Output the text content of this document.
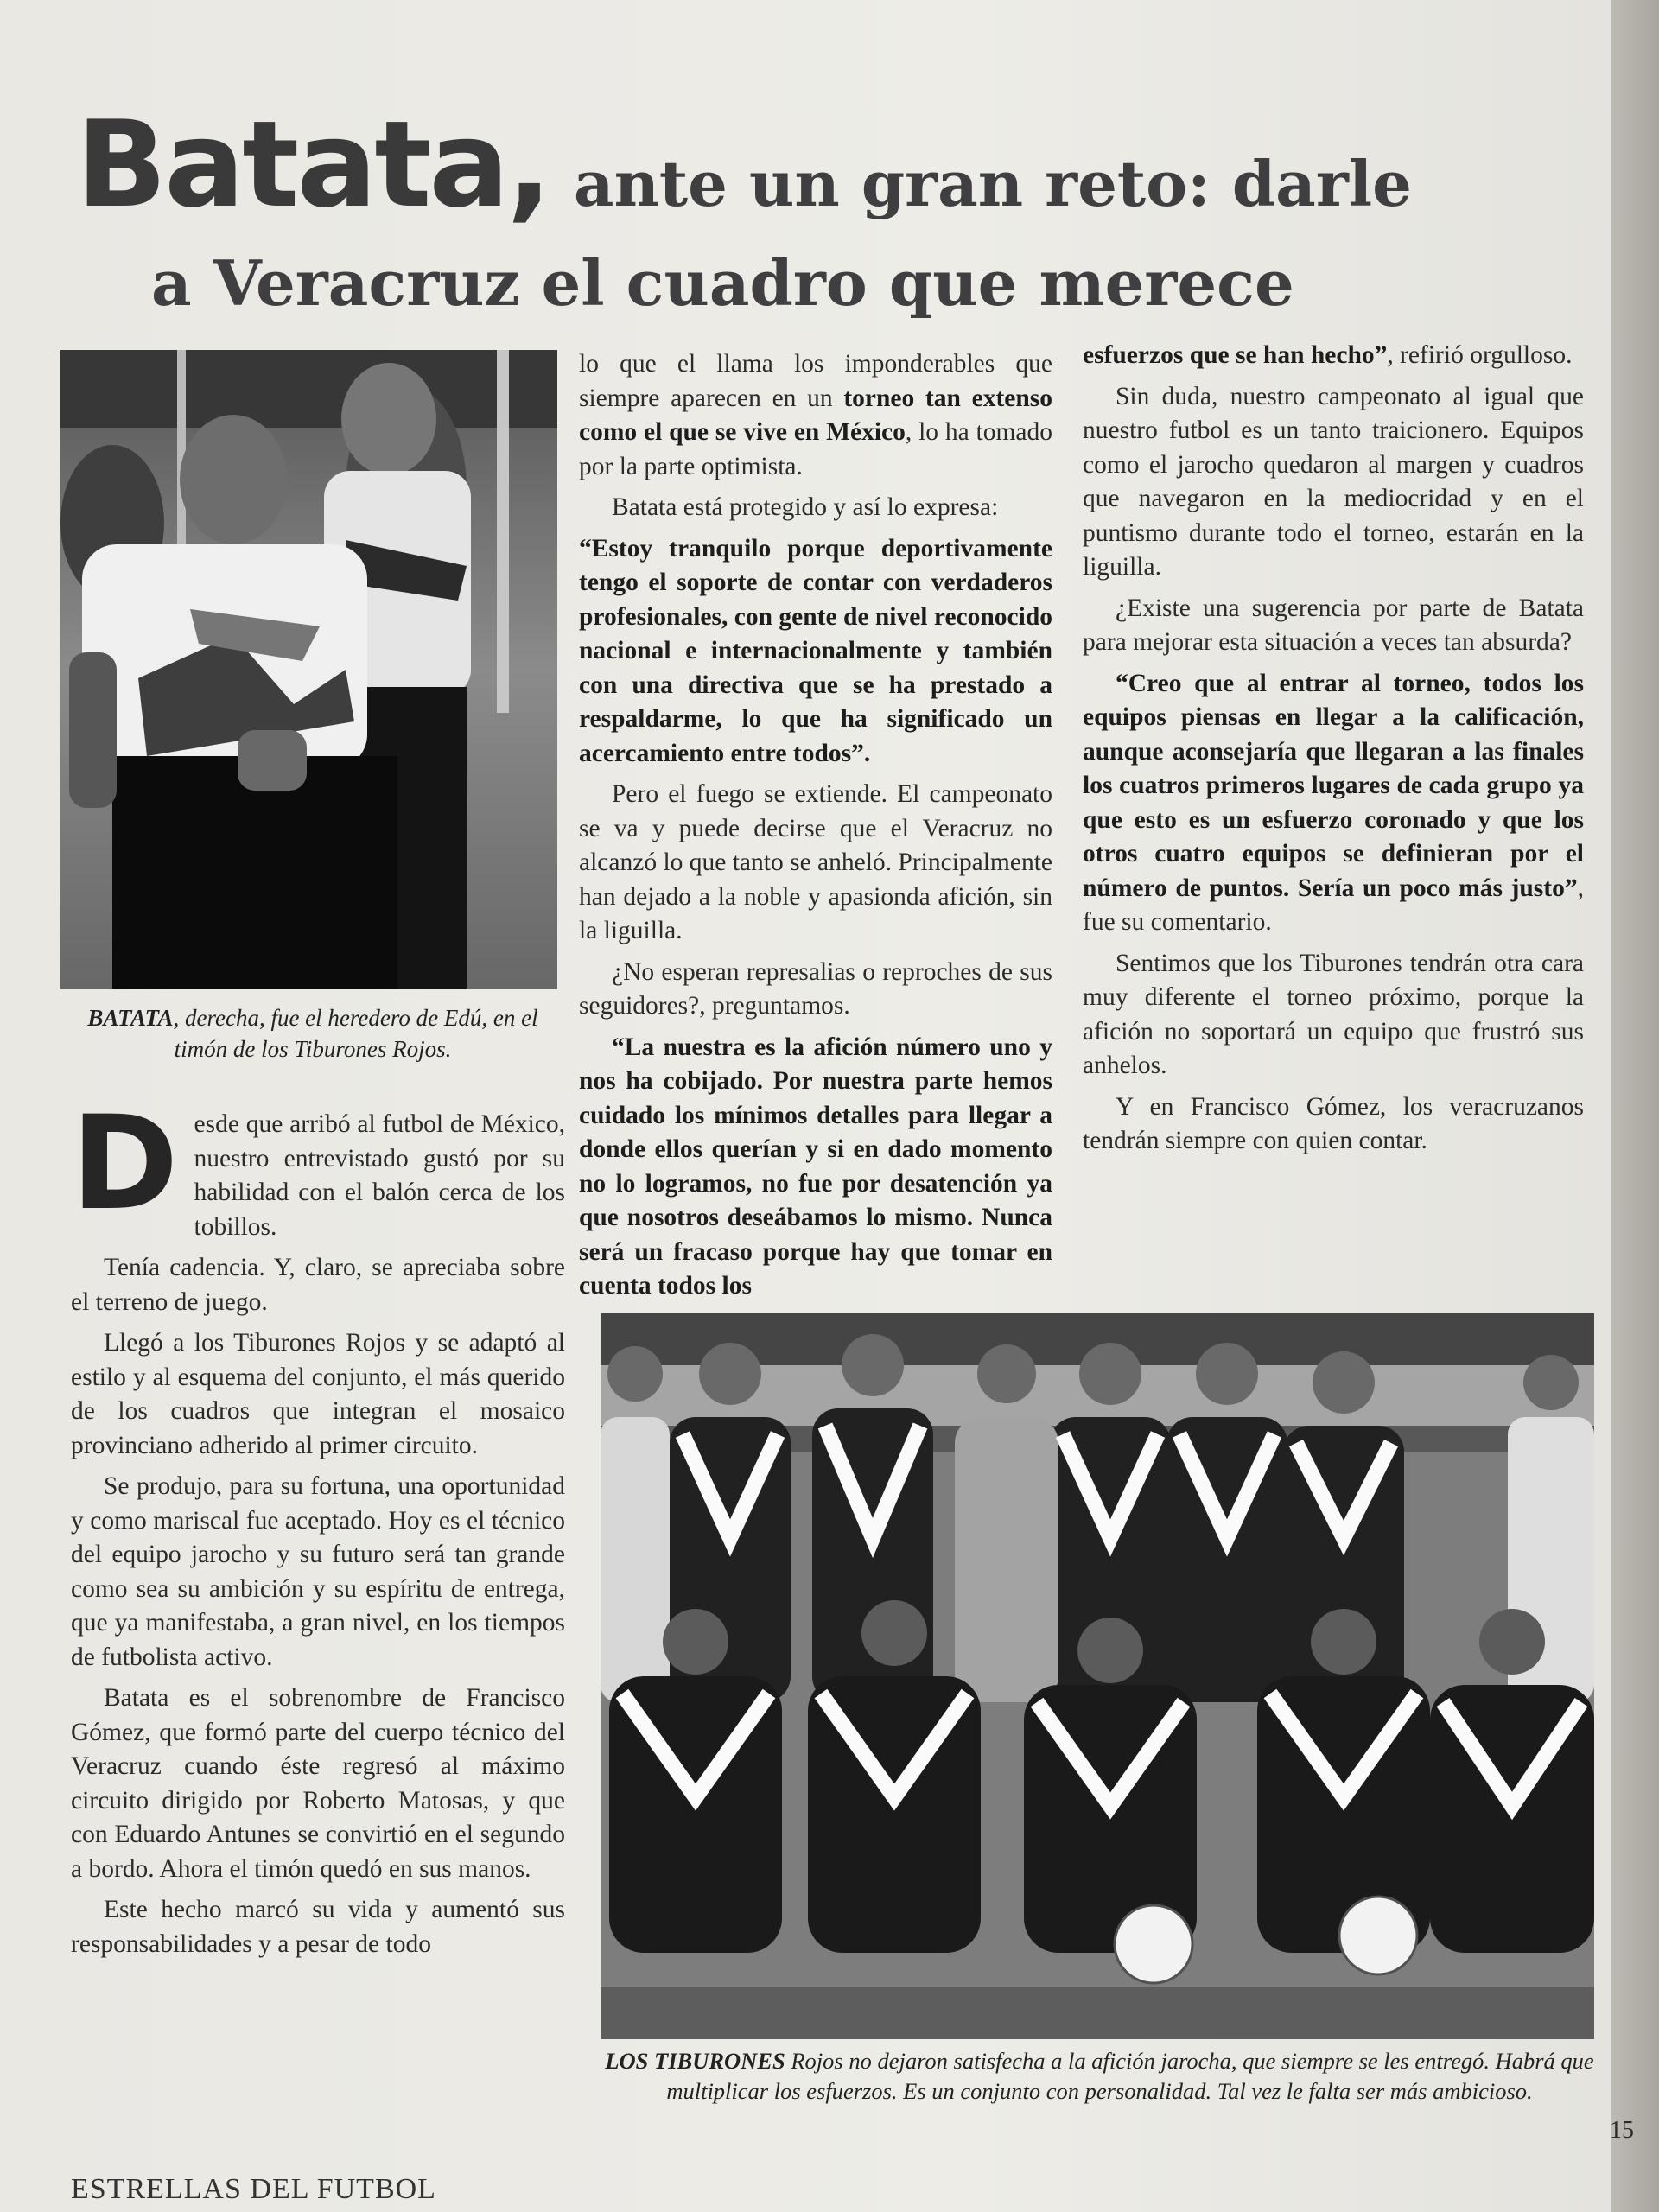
Batata, ante un gran reto: darle
a Veracruz el cuadro que merece
BATATA, derecha, fue el heredero de Edú, en el timón de los Tiburones Rojos.

Desde que arribó al futbol de México, nuestro entrevistado gustó por su habilidad con el balón cerca de los tobillos.

Tenía cadencia. Y, claro, se apreciaba sobre el terreno de juego.

Llegó a los Tiburones Rojos y se adaptó al estilo y al esquema del conjunto, el más querido de los cuadros que integran el mosaico provinciano adherido al primer circuito.

Se produjo, para su fortuna, una oportunidad y como mariscal fue aceptado. Hoy es el técnico del equipo jarocho y su futuro será tan grande como sea su ambición y su espíritu de entrega, que ya manifestaba, a gran nivel, en los tiempos de futbolista activo.

Batata es el sobrenombre de Francisco Gómez, que formó parte del cuerpo técnico del Veracruz cuando éste regresó al máximo circuito dirigido por Roberto Matosas, y que con Eduardo Antunes se convirtió en el segundo a bordo. Ahora el timón quedó en sus manos.

Este hecho marcó su vida y aumentó sus responsabilidades y a pesar de todo

lo que el llama los imponderables que siempre aparecen en un torneo tan extenso como el que se vive en México, lo ha tomado por la parte optimista.

Batata está protegido y así lo expresa:

“Estoy tranquilo porque deportivamente tengo el soporte de contar con verdaderos profesionales, con gente de nivel reconocido nacional e internacionalmente y también con una directiva que se ha prestado a respaldarme, lo que ha significado un acercamiento entre todos”.

Pero el fuego se extiende. El campeonato se va y puede decirse que el Veracruz no alcanzó lo que tanto se anheló. Principalmente han dejado a la noble y apasionda afición, sin la liguilla.

¿No esperan represalias o reproches de sus seguidores?, preguntamos.

“La nuestra es la afición número uno y nos ha cobijado. Por nuestra parte hemos cuidado los mínimos detalles para llegar a donde ellos querían y si en dado momento no lo logramos, no fue por desatención ya que nosotros deseábamos lo mismo. Nunca será un fracaso porque hay que tomar en cuenta todos los

esfuerzos que se han hecho”, refirió orgulloso.

Sin duda, nuestro campeonato al igual que nuestro futbol es un tanto traicionero. Equipos como el jarocho quedaron al margen y cuadros que navegaron en la mediocridad y en el puntismo durante todo el torneo, estarán en la liguilla.

¿Existe una sugerencia por parte de Batata para mejorar esta situación a veces tan absurda?

“Creo que al entrar al torneo, todos los equipos piensas en llegar a la calificación, aunque aconsejaría que llegaran a las finales los cuatros primeros lugares de cada grupo ya que esto es un esfuerzo coronado y que los otros cuatro equipos se definieran por el número de puntos. Sería un poco más justo”, fue su comentario.

Sentimos que los Tiburones tendrán otra cara muy diferente el torneo próximo, porque la afición no soportará un equipo que frustró sus anhelos.

Y en Francisco Gómez, los veracruzanos tendrán siempre con quien contar.

LOS TIBURONES Rojos no dejaron satisfecha a la afición jarocha, que siempre se les entregó. Habrá que multiplicar los esfuerzos. Es un conjunto con personalidad. Tal vez le falta ser más ambicioso.
15
ESTRELLAS DEL FUTBOL
